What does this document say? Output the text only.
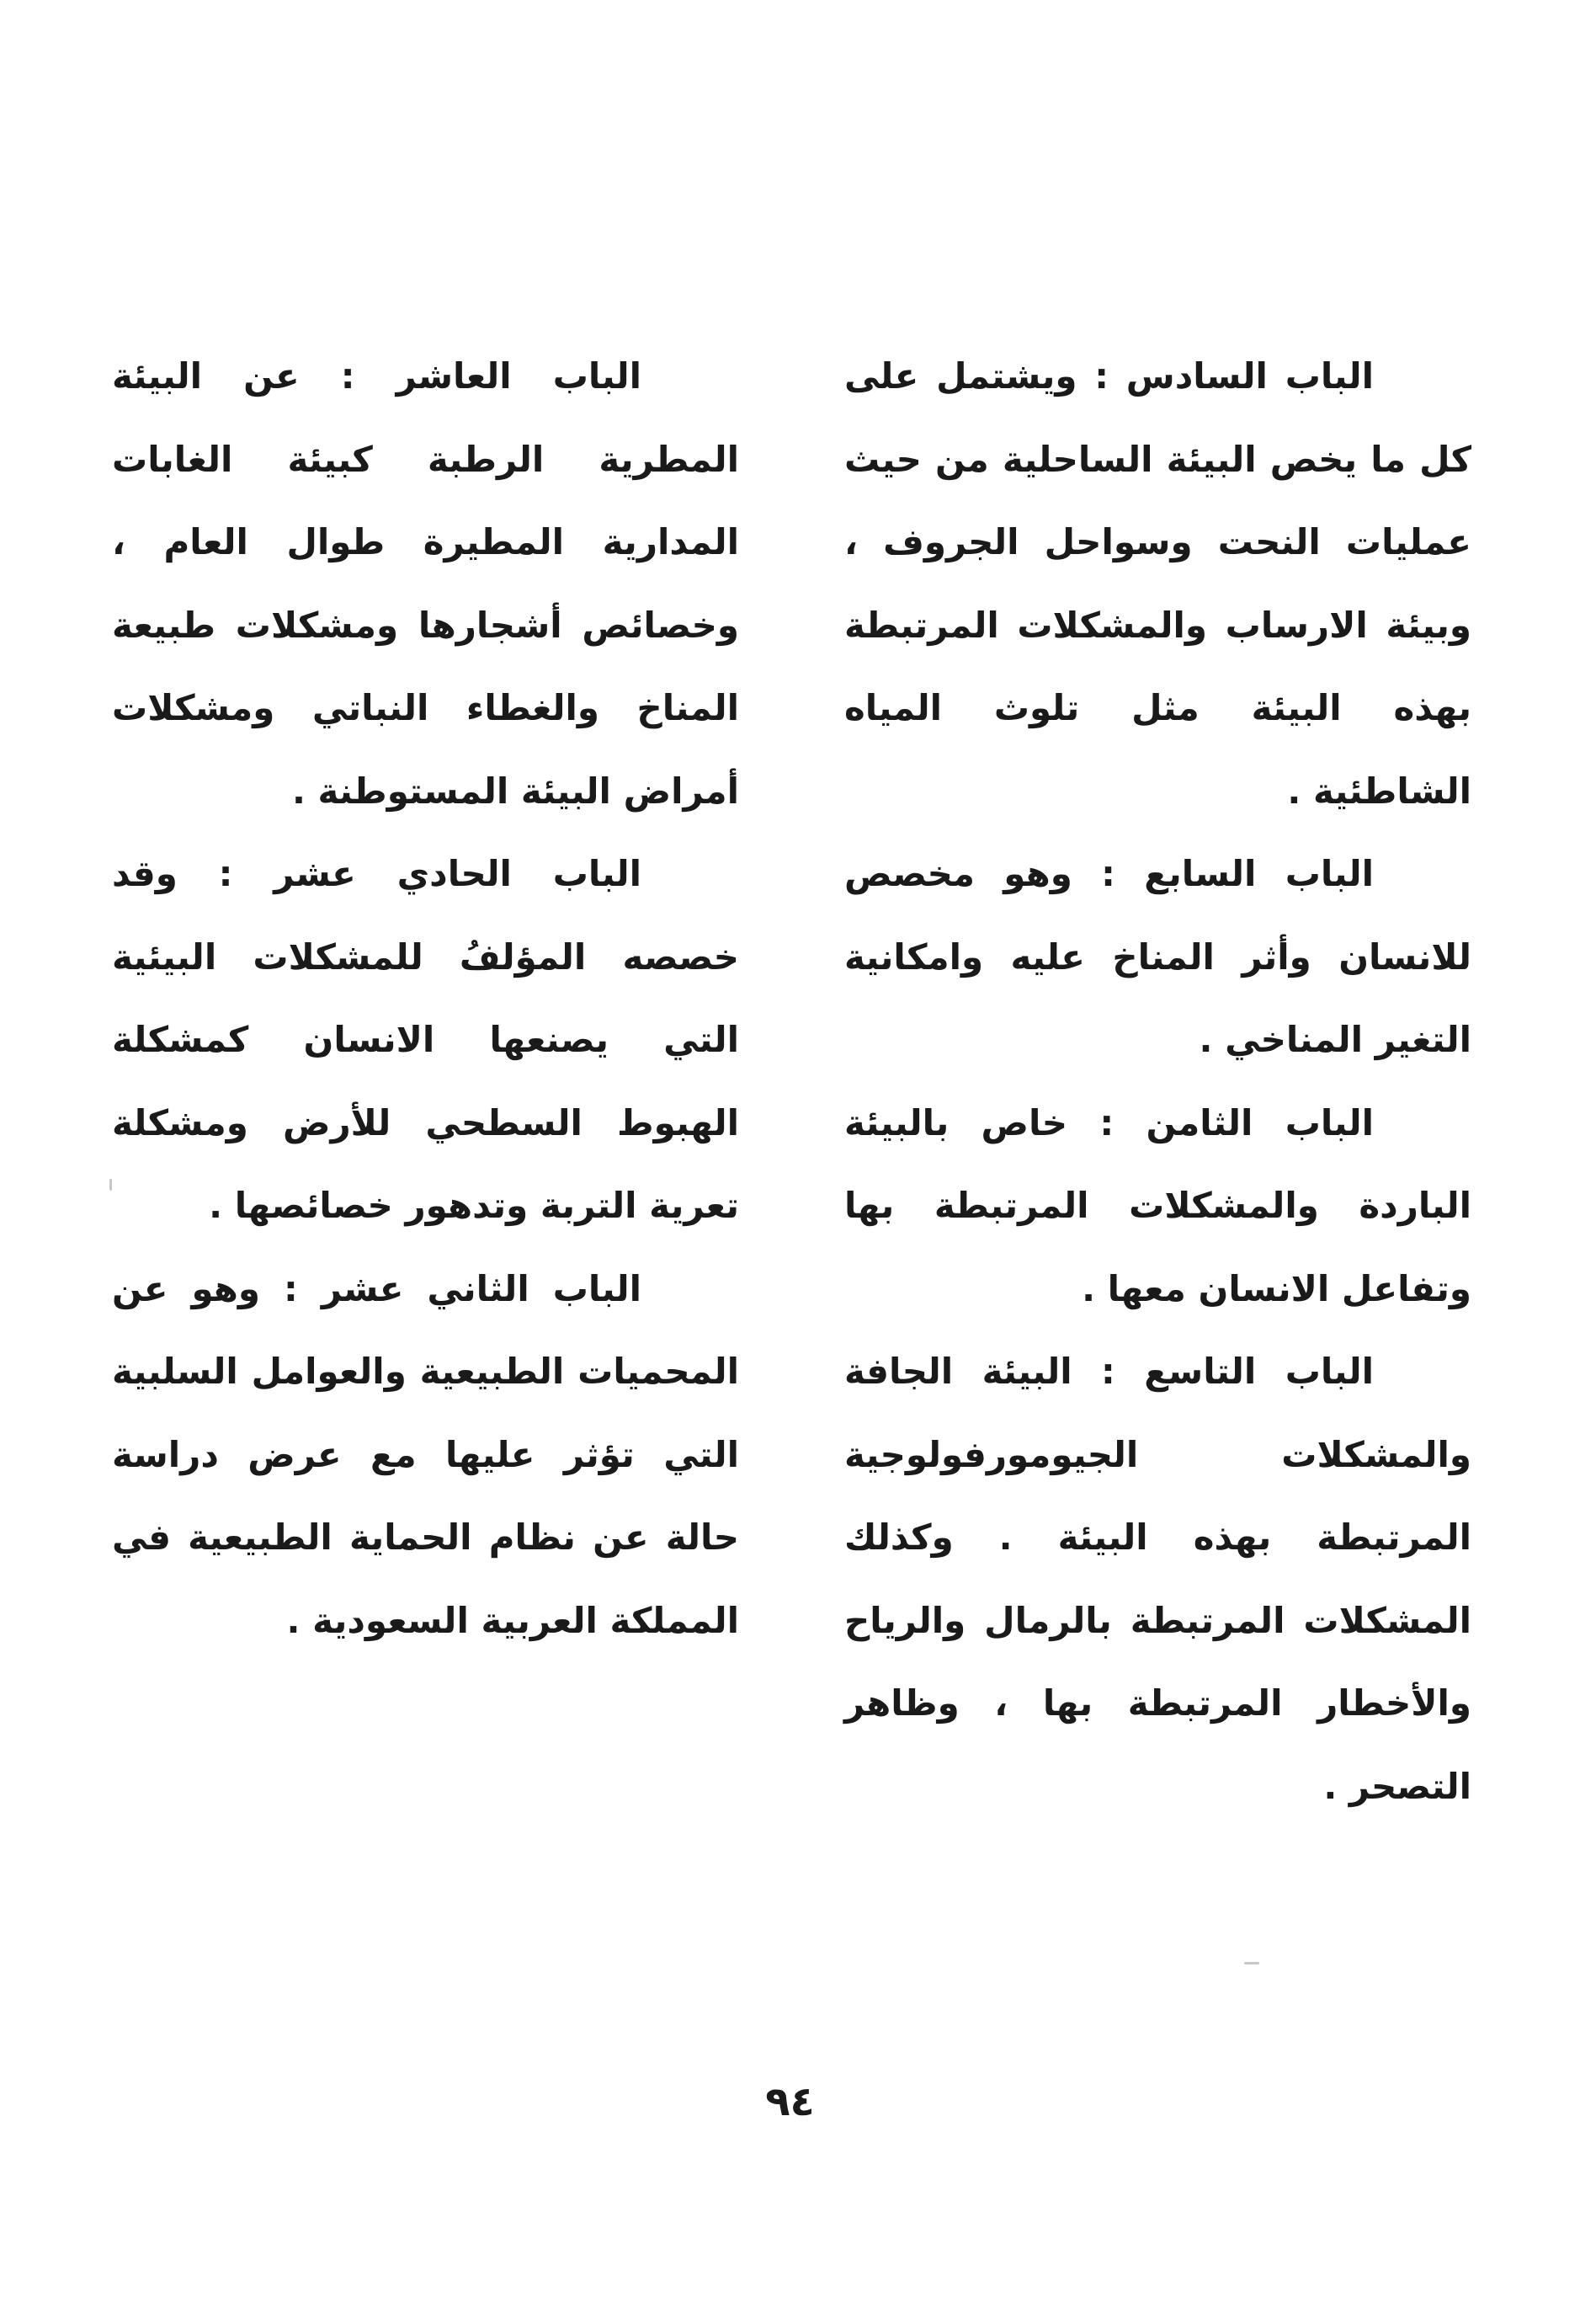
الباب السادس : ويشتمل على كل ما يخص البيئة الساحلية من حيث عمليات النحت وسواحل الجروف ، وبيئة الارساب والمشكلات المرتبطة بهذه البيئة مثل تلوث المياه الشاطئية .

الباب السابع : وهو مخصص للانسان وأثر المناخ عليه وامكانية التغير المناخي .

الباب الثامن : خاص بالبيئة الباردة والمشكلات المرتبطة بها وتفاعل الانسان معها .

الباب التاسع : البيئة الجافة والمشكلات الجيومورفولوجية المرتبطة بهذه البيئة . وكذلك المشكلات المرتبطة بالرمال والرياح والأخطار المرتبطة بها ، وظاهر التصحر .

الباب العاشر : عن البيئة المطرية الرطبة كبيئة الغابات المدارية المطيرة طوال العام ، وخصائص أشجارها ومشكلات طبيعة المناخ والغطاء النباتي ومشكلات أمراض البيئة المستوطنة .

الباب الحادي عشر : وقد خصصه المؤلفُ للمشكلات البيئية التي يصنعها الانسان كمشكلة الهبوط السطحي للأرض ومشكلة تعرية التربة وتدهور خصائصها .

الباب الثاني عشر : وهو عن المحميات الطبيعية والعوامل السلبية التي تؤثر عليها مع عرض دراسة حالة عن نظام الحماية الطبيعية في المملكة العربية السعودية .

٩٤
